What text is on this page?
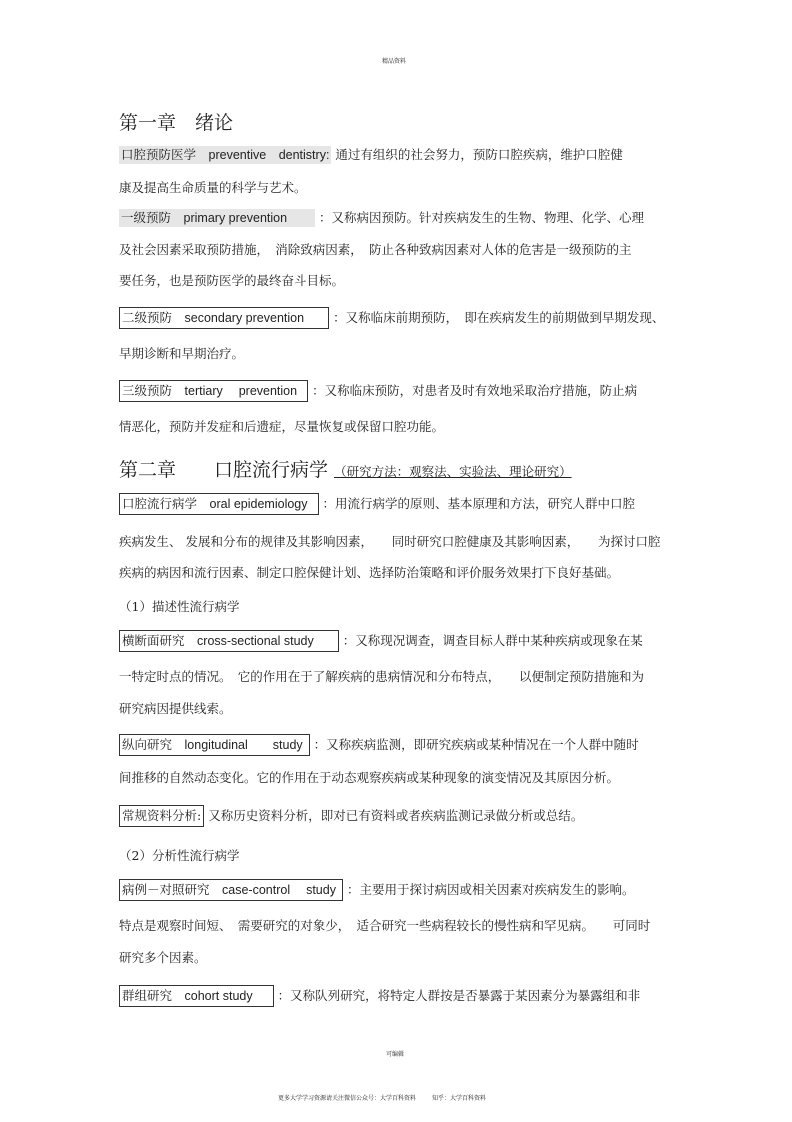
精品资料
第一章　绪论
口腔预防医学　 preventive　dentistry: 通过有组织的社会努力，预防口腔疾病，维护口腔健
康及提高生命质量的科学与艺术。
一级预防　 primary prevention	：又称病因预防。针对疾病发生的生物、物理、化学、心理
及社会因素采取预防措施，　消除致病因素，　防止各种致病因素对人体的危害是一级预防的主
要任务，也是预防医学的最终奋斗目标。
二级预防　 secondary prevention ：又称临床前期预防，　即在疾病发生的前期做到早期发现、
早期诊断和早期治疗。
三级预防　 tertiary　 prevention ：又称临床预防，对患者及时有效地采取治疗措施，防止病
情恶化，预防并发症和后遗症，尽量恢复或保留口腔功能。
第二章　　口腔流行病学 （研究方法：观察法、实验法、理论研究）
口腔流行病学　 oral epidemiology ：用流行病学的原则、基本原理和方法，研究人群中口腔
疾病发生、 发展和分布的规律及其影响因素，　　同时研究口腔健康及其影响因素，　　为探讨口腔
疾病的病因和流行因素、制定口腔保健计划、选择防治策略和评价服务效果打下良好基础。
（1）描述性流行病学
横断面研究　 cross-sectional study ：又称现况调查，调查目标人群中某种疾病或现象在某
一特定时点的情况。　它的作用在于了解疾病的患病情况和分布特点，　　以便制定预防措施和为
研究病因提供线索。
纵向研究　 longitudinal　　study ：又称疾病监测，即研究疾病或某种情况在一个人群中随时
间推移的自然动态变化。它的作用在于动态观察疾病或某种现象的演变情况及其原因分析。
常规资料分析: 又称历史资料分析，即对已有资料或者疾病监测记录做分析或总结。
（2）分析性流行病学
病例－对照研究　 case-control　 study ：主要用于探讨病因或相关因素对疾病发生的影响。
特点是观察时间短、　需要研究的对象少，　适合研究一些病程较长的慢性病和罕见病。　　可同时
研究多个因素。
群组研究　 cohort study ：又称队列研究，将特定人群按是否暴露于某因素分为暴露组和非
可编辑
更多大学学习资源请关注微信公众号：大学百科资料	知乎：大学百科资料
